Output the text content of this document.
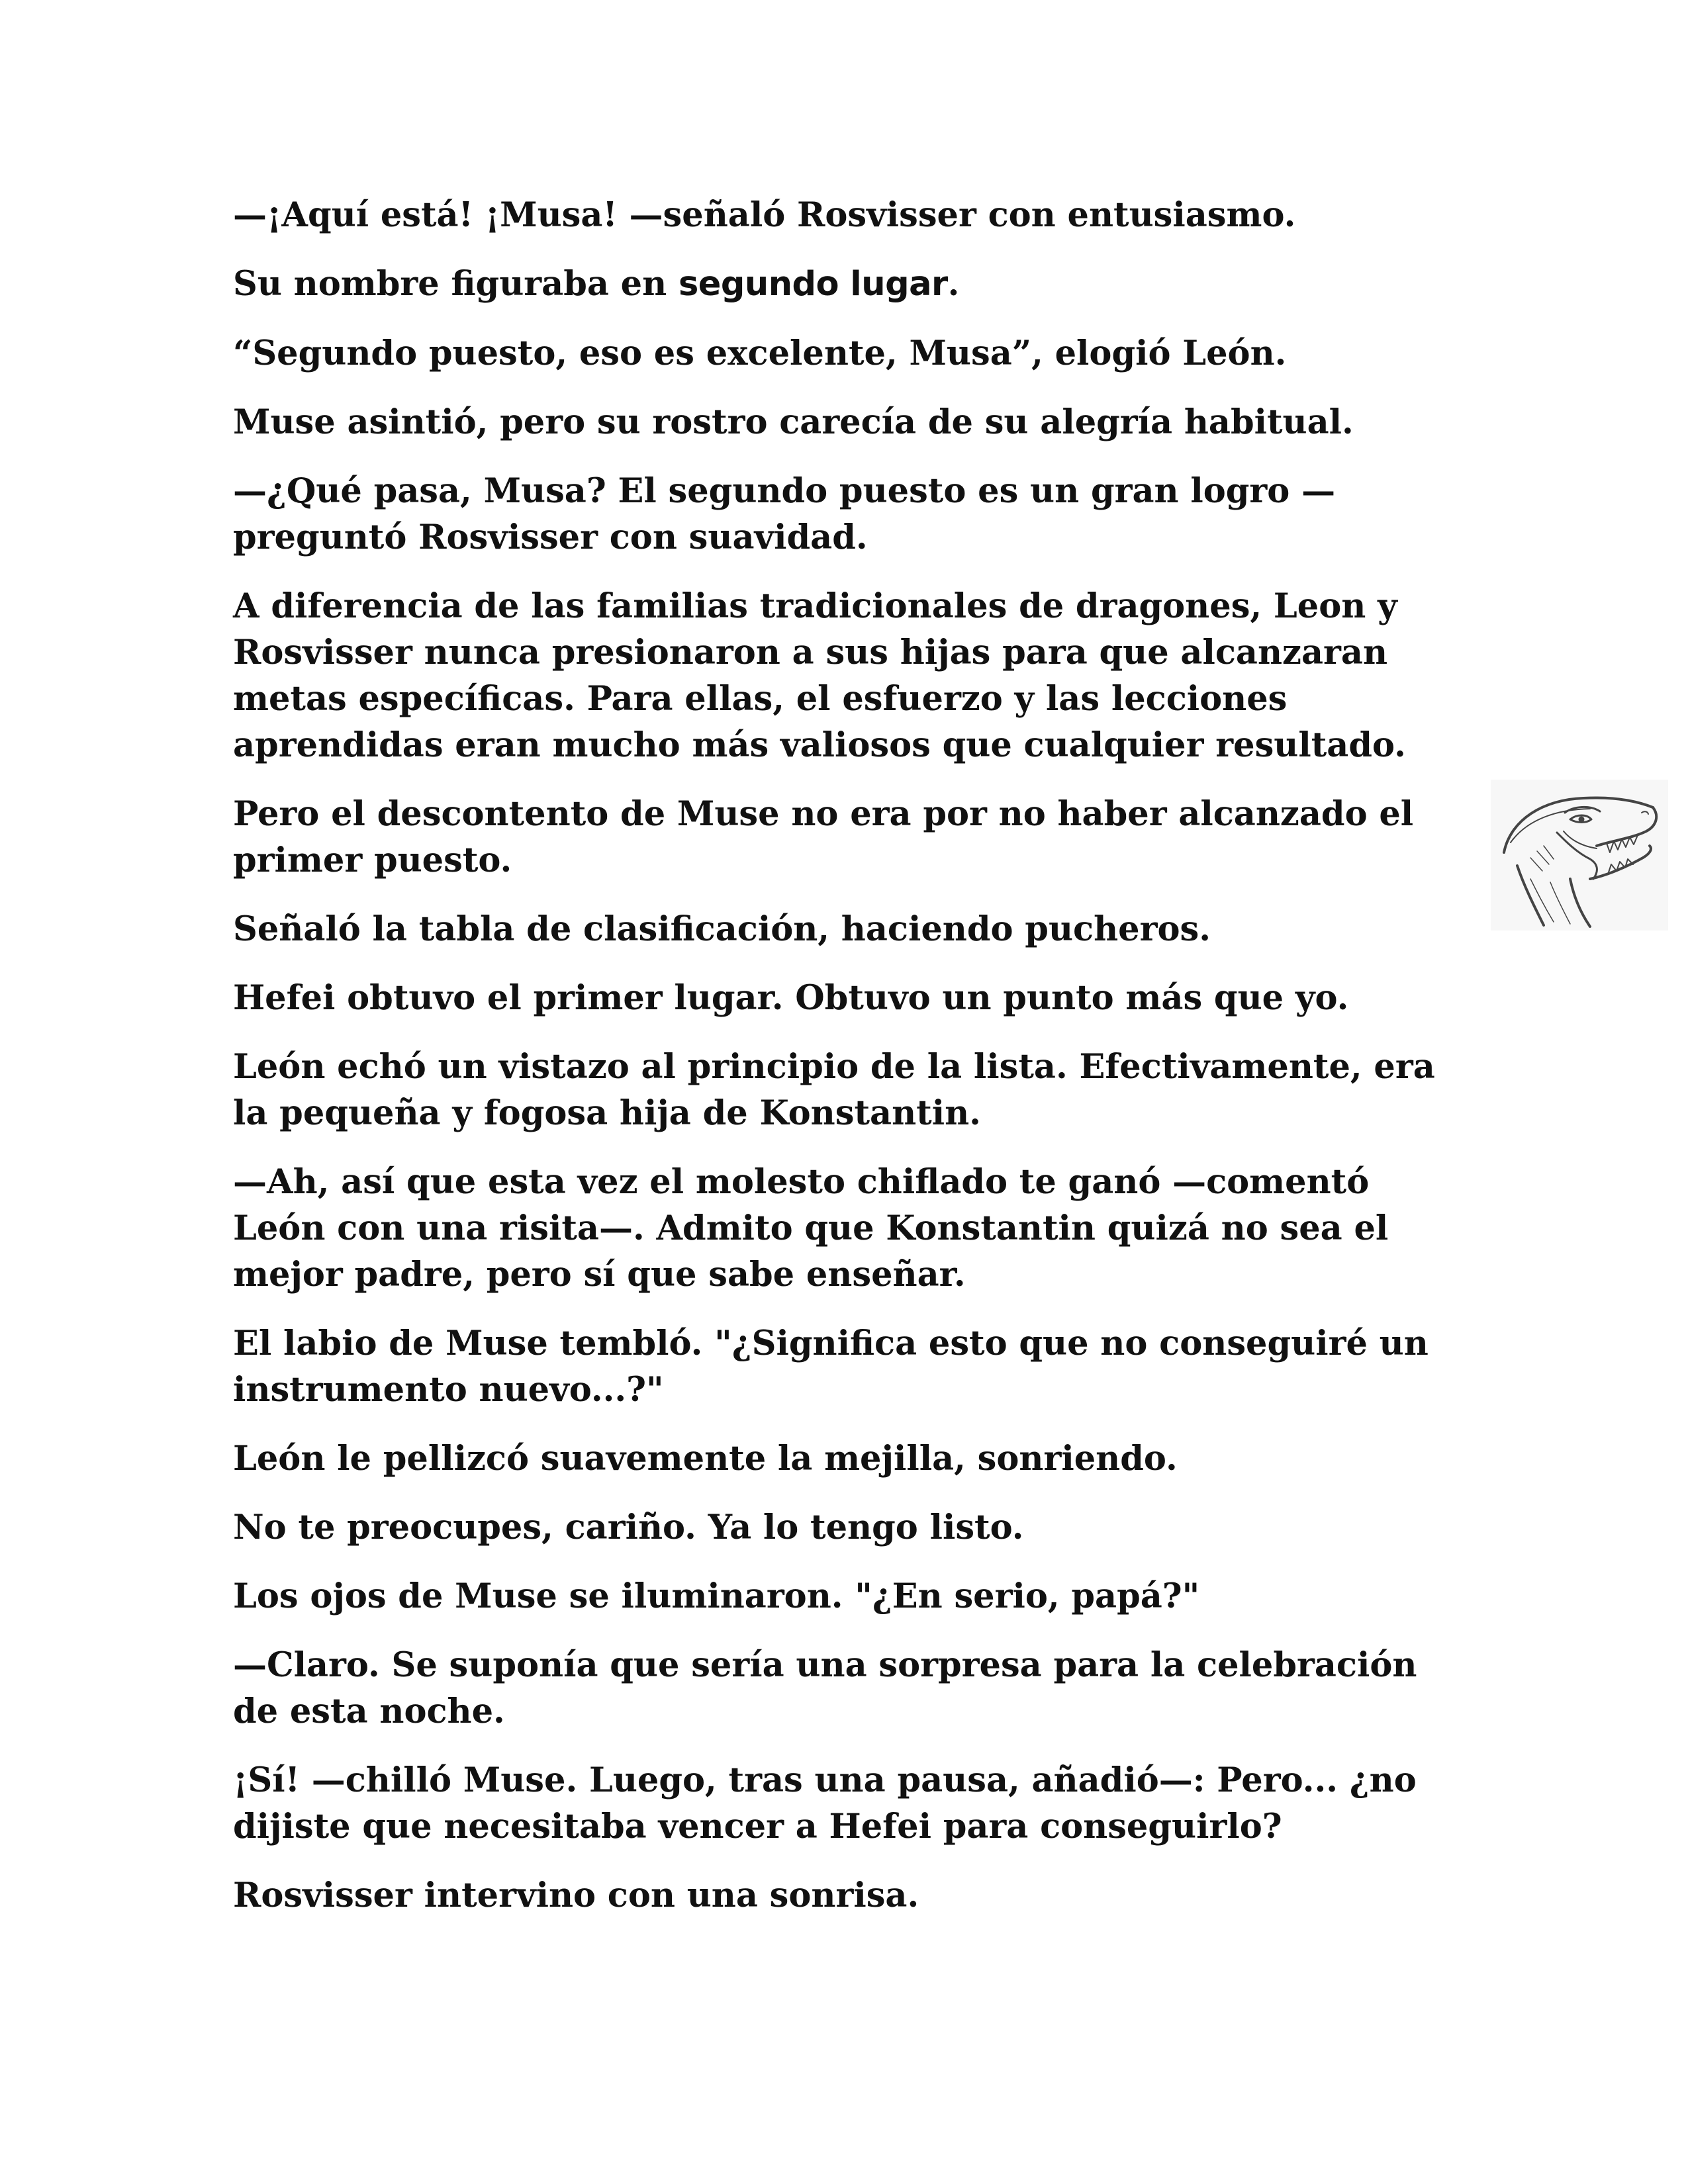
—¡Aquí está! ¡Musa! —señaló Rosvisser con entusiasmo.

Su nombre figuraba en segundo lugar.

“Segundo puesto, eso es excelente, Musa”, elogió León.

Muse asintió, pero su rostro carecía de su alegría habitual.

—¿Qué pasa, Musa? El segundo puesto es un gran logro — preguntó Rosvisser con suavidad.

A diferencia de las familias tradicionales de dragones, Leon y Rosvisser nunca presionaron a sus hijas para que alcanzaran metas específicas. Para ellas, el esfuerzo y las lecciones aprendidas eran mucho más valiosos que cualquier resultado.

Pero el descontento de Muse no era por no haber alcanzado el primer puesto.

Señaló la tabla de clasificación, haciendo pucheros.

Hefei obtuvo el primer lugar. Obtuvo un punto más que yo.

León echó un vistazo al principio de la lista. Efectivamente, era la pequeña y fogosa hija de Konstantin.

—Ah, así que esta vez el molesto chiflado te ganó —comentó León con una risita—. Admito que Konstantin quizá no sea el mejor padre, pero sí que sabe enseñar.

El labio de Muse tembló. "¿Significa esto que no conseguiré un instrumento nuevo...?"

León le pellizcó suavemente la mejilla, sonriendo.

No te preocupes, cariño. Ya lo tengo listo.

Los ojos de Muse se iluminaron. "¿En serio, papá?"

—Claro. Se suponía que sería una sorpresa para la celebración de esta noche.

¡Sí! —chilló Muse. Luego, tras una pausa, añadió—: Pero... ¿no dijiste que necesitaba vencer a Hefei para conseguirlo?

Rosvisser intervino con una sonrisa.
